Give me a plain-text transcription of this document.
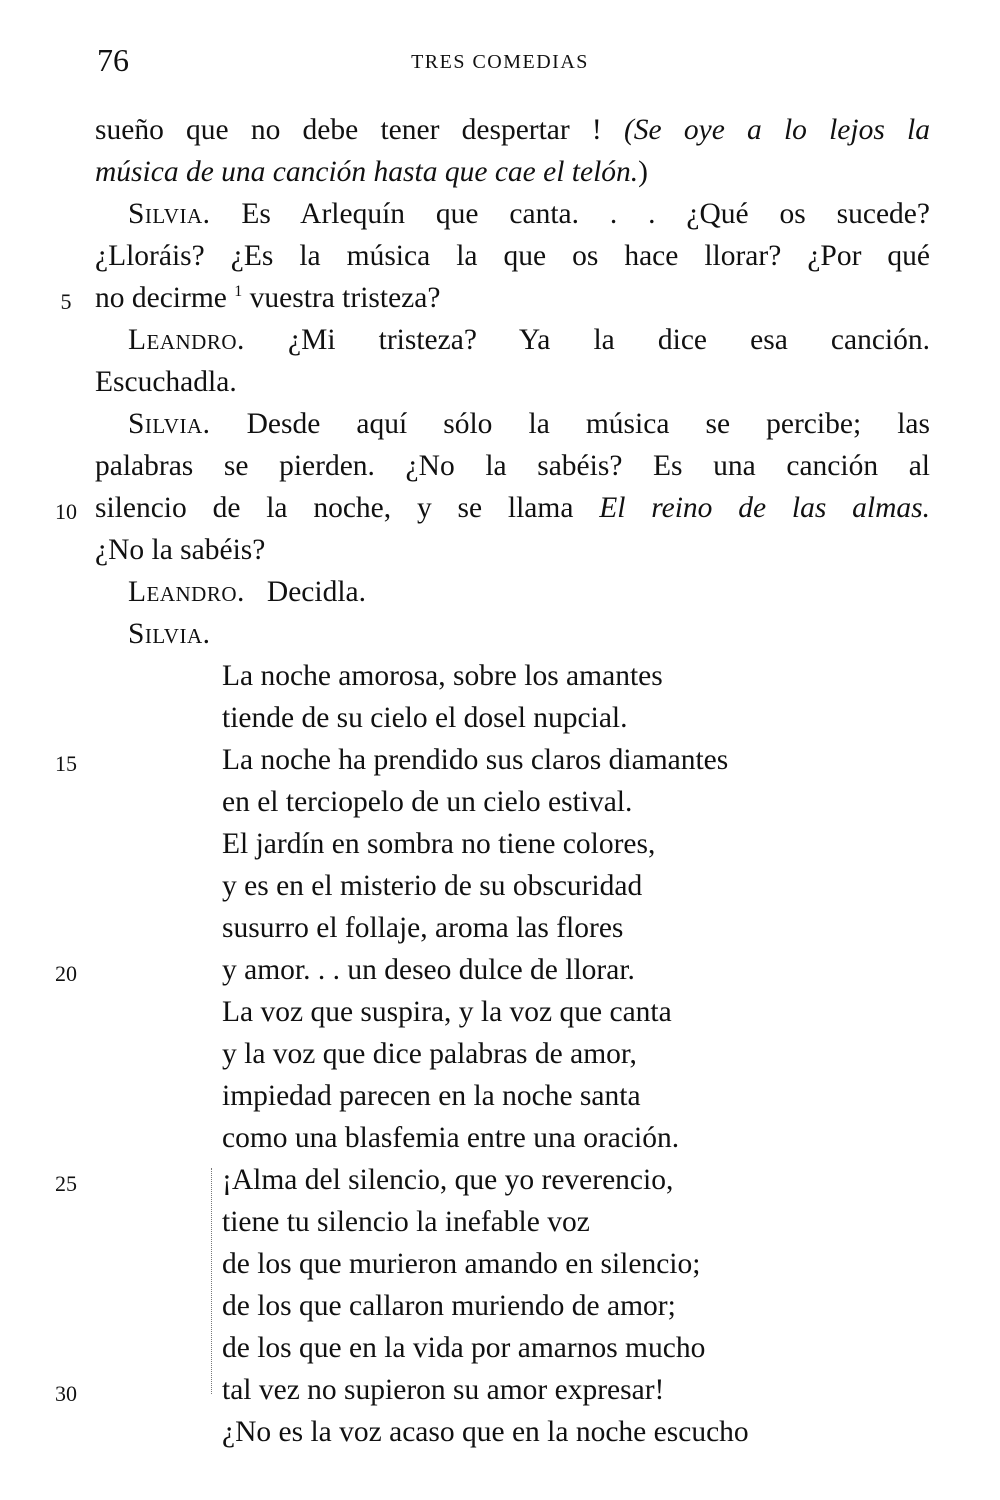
76	TRES COMEDIAS
sueño que no debe tener despertar ! (Se oye a lo lejos la
música de una canción hasta que cae el telón.)
Silvia. Es Arlequín que canta. . . ¿Qué os sucede?
¿Lloráis? ¿Es la música la que os hace llorar? ¿Por qué
no decirme $^1$ vuestra tristeza?
Leandro. ¿Mi tristeza? Ya la dice esa canción.
Escuchadla.
Silvia. Desde aquí sólo la música se percibe; las
palabras se pierden. ¿No la sabéis? Es una canción al
silencio de la noche, y se llama El reino de las almas.
¿No la sabéis?
Leandro. Decidla.
Silvia.
La noche amorosa, sobre los amantes
tiende de su cielo el dosel nupcial.
La noche ha prendido sus claros diamantes
en el terciopelo de un cielo estival.
El jardín en sombra no tiene colores,
y es en el misterio de su obscuridad
susurro el follaje, aroma las flores
y amor. . . un deseo dulce de llorar.
La voz que suspira, y la voz que canta
y la voz que dice palabras de amor,
impiedad parecen en la noche santa
como una blasfemia entre una oración.
¡Alma del silencio, que yo reverencio,
tiene tu silencio la inefable voz
de los que murieron amando en silencio;
de los que callaron muriendo de amor;
de los que en la vida por amarnos mucho
tal vez no supieron su amor expresar!
¿No es la voz acaso que en la noche escucho
5
10
15
20
25
30
